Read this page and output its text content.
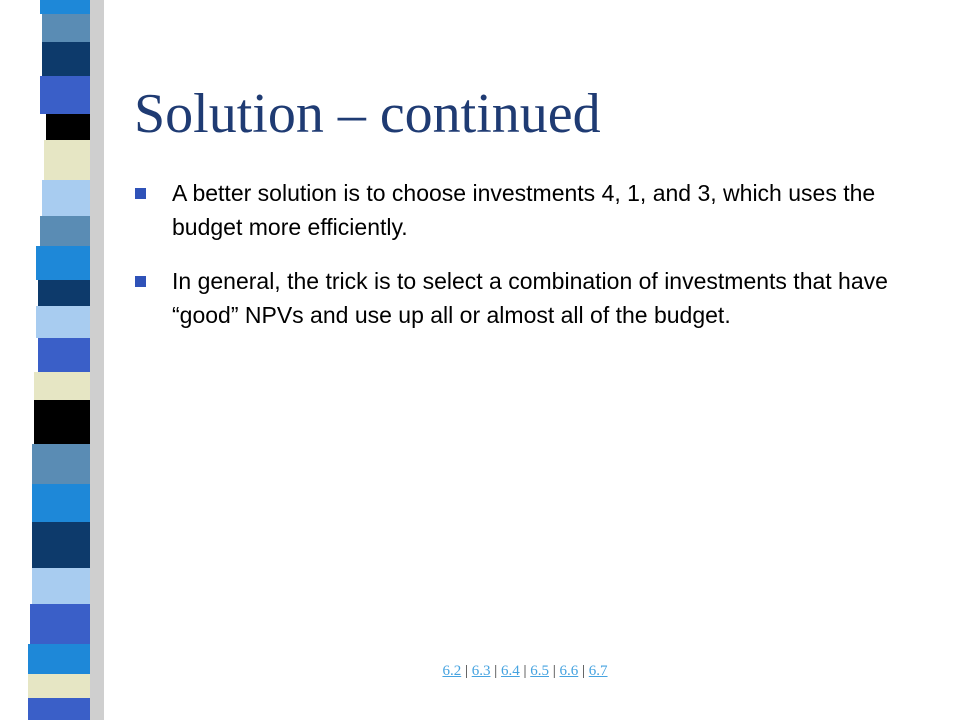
Solution – continued
A better solution is to choose investments 4, 1, and 3, which uses the budget more efficiently.
In general, the trick is to select a combination of investments that have “good” NPVs and use up all or almost all of the budget.
6.2 | 6.3 | 6.4 | 6.5 | 6.6 | 6.7
